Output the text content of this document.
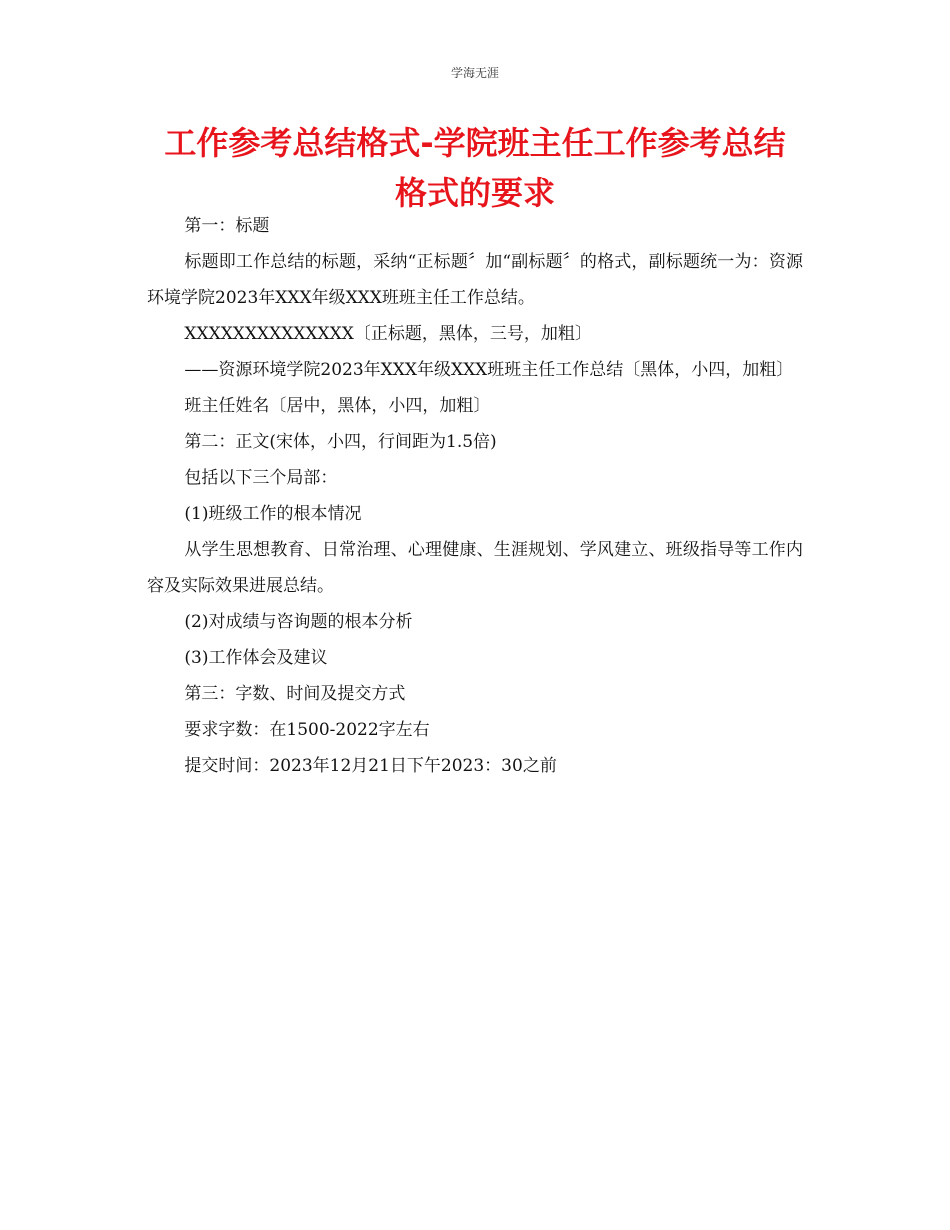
学海无涯
工作参考总结格式-学院班主任工作参考总结格式的要求

第一：标题

标题即工作总结的标题，采纳“正标题〞加“副标题〞的格式，副标题统一为：资源环境学院2023年XXX年级XXX班班主任工作总结。

XXXXXXXXXXXXXX〔正标题，黑体，三号，加粗〕

——资源环境学院2023年XXX年级XXX班班主任工作总结〔黑体，小四，加粗〕

班主任姓名〔居中，黑体，小四，加粗〕

第二：正文(宋体，小四，行间距为1.5倍)

包括以下三个局部：

(1)班级工作的根本情况

从学生思想教育、日常治理、心理健康、生涯规划、学风建立、班级指导等工作内容及实际效果进展总结。

(2)对成绩与咨询题的根本分析

(3)工作体会及建议

第三：字数、时间及提交方式

要求字数：在1500-2022字左右

提交时间：2023年12月21日下午2023：30之前
